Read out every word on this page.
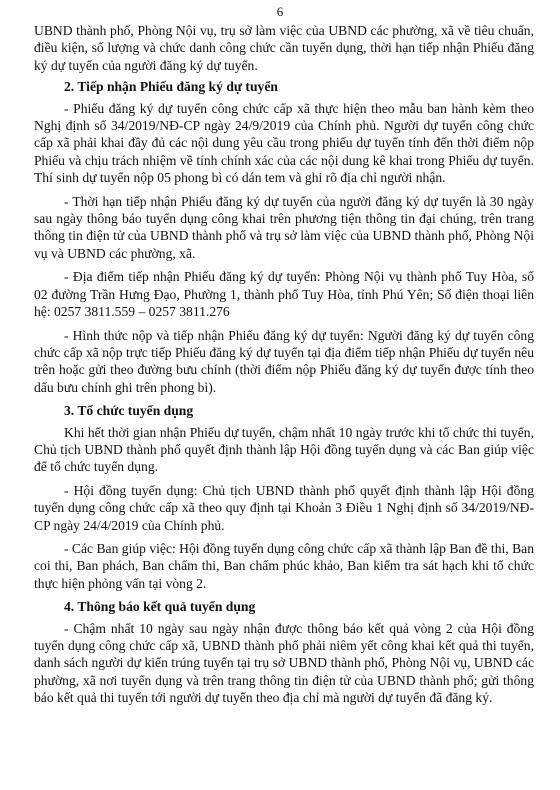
6

UBND thành phố, Phòng Nội vụ, trụ sở làm việc của UBND các phường, xã về tiêu chuẩn, điều kiện, số lượng và chức danh công chức cần tuyển dụng, thời hạn tiếp nhận Phiếu đăng ký dự tuyển của người đăng ký dự tuyển.

2. Tiếp nhận Phiếu đăng ký dự tuyển

- Phiếu đăng ký dự tuyển công chức cấp xã thực hiện theo mẫu ban hành kèm theo Nghị định số 34/2019/NĐ-CP ngày 24/9/2019 của Chính phủ. Người dự tuyển công chức cấp xã phải khai đầy đủ các nội dung yêu cầu trong phiếu dự tuyển tính đến thời điểm nộp Phiếu và chịu trách nhiệm về tính chính xác của các nội dung kê khai trong Phiếu dự tuyển. Thí sinh dự tuyển nộp 05 phong bì có dán tem và ghi rõ địa chỉ người nhận.

- Thời hạn tiếp nhận Phiếu đăng ký dự tuyển của người đăng ký dự tuyển là 30 ngày sau ngày thông báo tuyển dụng công khai trên phương tiện thông tin đại chúng, trên trang thông tin điện tử của UBND thành phố và trụ sở làm việc của UBND thành phố, Phòng Nội vụ và UBND các phường, xã.

- Địa điểm tiếp nhận Phiếu đăng ký dự tuyển: Phòng Nội vụ thành phố Tuy Hòa, số 02 đường Trần Hưng Đạo, Phường 1, thành phố Tuy Hòa, tỉnh Phú Yên; Số điện thoại liên hệ: 0257 3811.559 – 0257 3811.276

- Hình thức nộp và tiếp nhận Phiếu đăng ký dự tuyển: Người đăng ký dự tuyển công chức cấp xã nộp trực tiếp Phiếu đăng ký dự tuyển tại địa điểm tiếp nhận Phiếu dự tuyển nêu trên hoặc gửi theo đường bưu chính (thời điểm nộp Phiếu đăng ký dự tuyển được tính theo dấu bưu chính ghi trên phong bì).

3. Tổ chức tuyển dụng

Khi hết thời gian nhận Phiếu dự tuyển, chậm nhất 10 ngày trước khi tổ chức thi tuyển, Chủ tịch UBND thành phố quyết định thành lập Hội đồng tuyển dụng và các Ban giúp việc để tổ chức tuyển dụng.

- Hội đồng tuyển dụng: Chủ tịch UBND thành phố quyết định thành lập Hội đồng tuyển dụng công chức cấp xã theo quy định tại Khoản 3 Điều 1 Nghị định số 34/2019/NĐ-CP ngày 24/4/2019 của Chính phủ.

- Các Ban giúp việc: Hội đồng tuyển dụng công chức cấp xã thành lập Ban đề thi, Ban coi thi, Ban phách, Ban chấm thi, Ban chấm phúc khảo, Ban kiểm tra sát hạch khi tổ chức thực hiện phỏng vấn tại vòng 2.

4. Thông báo kết quả tuyển dụng

- Chậm nhất 10 ngày sau ngày nhận được thông báo kết quả vòng 2 của Hội đồng tuyển dụng công chức cấp xã, UBND thành phố phải niêm yết công khai kết quả thi tuyển, danh sách người dự kiến trúng tuyển tại trụ sở UBND thành phố, Phòng Nội vụ, UBND các phường, xã nơi tuyển dụng và trên trang thông tin điện tử của UBND thành phố; gửi thông báo kết quả thi tuyển tới người dự tuyển theo địa chỉ mà người dự tuyển đã đăng ký.
